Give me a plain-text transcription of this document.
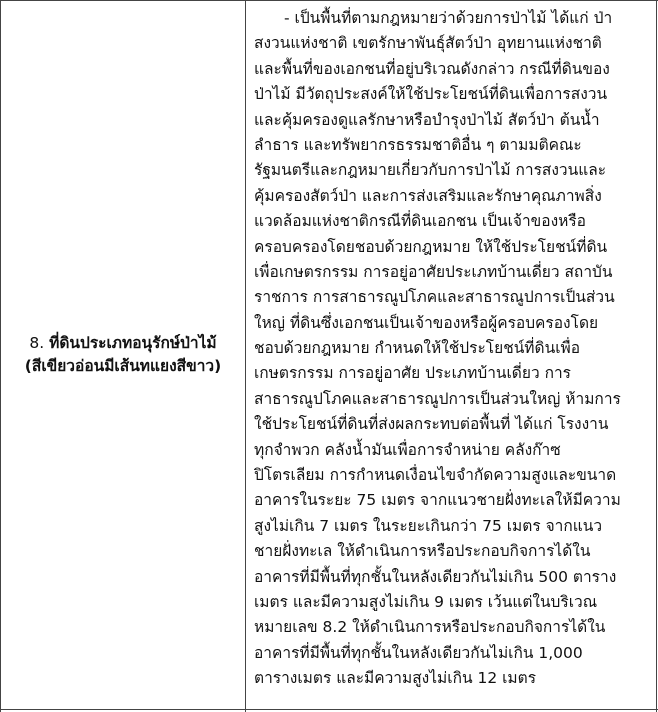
8. ที่ดินประเภทอนุรักษ์ป่าไม้
(สีเขียวอ่อนมีเส้นทแยงสีขาว)
- เป็นพื้นที่ตามกฎหมายว่าด้วยการป่าไม้ ได้แก่ ป่า
สงวนแห่งชาติ เขตรักษาพันธุ์สัตว์ป่า อุทยานแห่งชาติ
และพื้นที่ของเอกชนที่อยู่บริเวณดังกล่าว กรณีที่ดินของ
ป่าไม้ มีวัตถุประสงค์ให้ใช้ประโยชน์ที่ดินเพื่อการสงวน
และคุ้มครองดูแลรักษาหรือบำรุงป่าไม้ สัตว์ป่า ต้นน้ำ
ลำธาร และทรัพยากรธรรมชาติอื่น ๆ ตามมติคณะ
รัฐมนตรีและกฎหมายเกี่ยวกับการป่าไม้ การสงวนและ
คุ้มครองสัตว์ป่า และการส่งเสริมและรักษาคุณภาพสิ่ง
แวดล้อมแห่งชาติกรณีที่ดินเอกชน เป็นเจ้าของหรือ
ครอบครองโดยชอบด้วยกฎหมาย ให้ใช้ประโยชน์ที่ดิน
เพื่อเกษตรกรรม การอยู่อาศัยประเภทบ้านเดี่ยว สถาบัน
ราชการ การสาธารณูปโภคและสาธารณูปการเป็นส่วน
ใหญ่ ที่ดินซึ่งเอกชนเป็นเจ้าของหรือผู้ครอบครองโดย
ชอบด้วยกฎหมาย กำหนดให้ใช้ประโยชน์ที่ดินเพื่อ
เกษตรกรรม การอยู่อาศัย ประเภทบ้านเดี่ยว การ
สาธารณูปโภคและสาธารณูปการเป็นส่วนใหญ่ ห้ามการ
ใช้ประโยชน์ที่ดินที่ส่งผลกระทบต่อพื้นที่ ได้แก่ โรงงาน
ทุกจำพวก คลังน้ำมันเพื่อการจำหน่าย คลังก๊าซ
ปิโตรเลียม การกำหนดเงื่อนไขจำกัดความสูงและขนาด
อาคารในระยะ 75 เมตร จากแนวชายฝั่งทะเลให้มีความ
สูงไม่เกิน 7 เมตร ในระยะเกินกว่า 75 เมตร จากแนว
ชายฝั่งทะเล ให้ดำเนินการหรือประกอบกิจการได้ใน
อาคารที่มีพื้นที่ทุกชั้นในหลังเดียวกันไม่เกิน 500 ตาราง
เมตร และมีความสูงไม่เกิน 9 เมตร เว้นแต่ในบริเวณ
หมายเลข 8.2 ให้ดำเนินการหรือประกอบกิจการได้ใน
อาคารที่มีพื้นที่ทุกชั้นในหลังเดียวกันไม่เกิน 1,000
ตารางเมตร และมีความสูงไม่เกิน 12 เมตร
